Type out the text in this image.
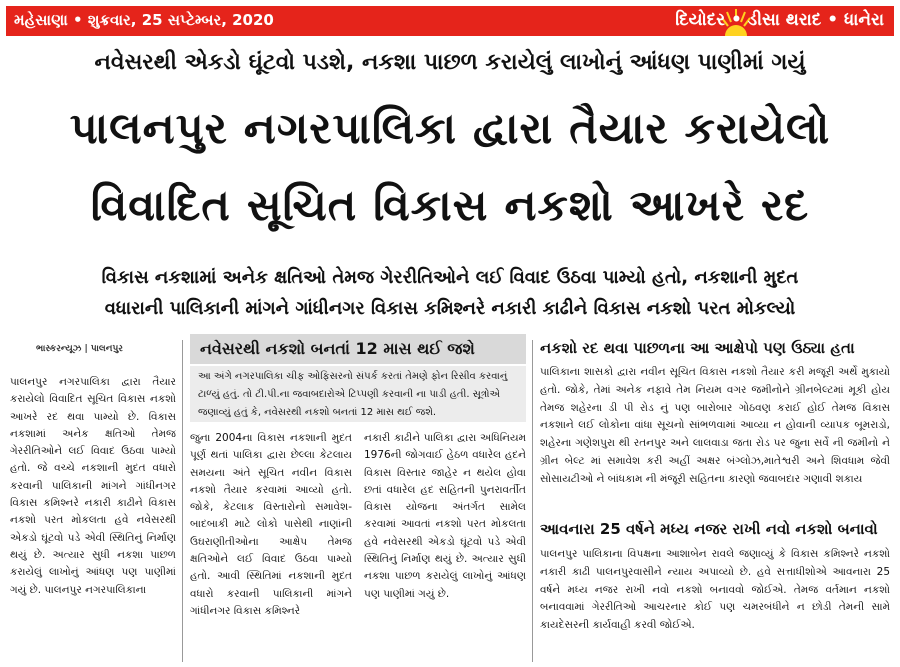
મહેસાણા • શુક્રવાર, 25 સપ્ટેમ્બર, 2020	દિયોદર • ડીસા થરાદ • ધાનેરા
નવેસરથી એકડો ઘૂંટવો પડશે, નકશા પાછળ કરાયેલું લાખોનું આંધણ પાણીમાં ગયું
પાલનપુર નગરપાલિકા દ્વારા તૈયાર કરાયેલો
વિવાદિત સૂચિત વિકાસ નકશો આખરે રદ
વિકાસ નકશામાં અનેક ક્ષતિઓ તેમજ ગેરરીતિઓને લઈ વિવાદ ઉઠવા પામ્યો હતો, નકશાની મુદત
વધારાની પાલિકાની માંગને ગાંધીનગર વિકાસ કમિશ્નરે નકારી કાઢીને વિકાસ નકશો પરત મોકલ્યો
ભાસ્કરન્યૂઝ | પાલનપુર
પાલનપુર નગરપાલિકા દ્વારા તૈયાર કરાયેલો વિવાદિત સૂચિત વિકાસ નકશો આખરે રદ થવા પામ્યો છે. વિકાસ નકશામાં અનેક ક્ષતિઓ તેમજ ગેરરીતિઓને લઈ વિવાદ ઉઠવા પામ્યો હતો. જે વચ્ચે નકશાની મુદત વધારો કરવાની પાલિકાની માંગને ગાંધીનગર વિકાસ કમિશ્નરે નકારી કાઢીને વિકાસ નકશો પરત મોકલતા હવે નવેસરથી એકડો ઘૂંટવો પડે એવી સ્થિતિનું નિર્માણ થયું છે. અત્યાર સુધી નકશા પાછળ કરાયેલું લાખોનું આંધણ પણ પાણીમાં ગયું છે. પાલનપુર નગરપાલિકાના
નવેસરથી નકશો બનતાં 12 માસ થઈ જશે
આ અંગે નગરપાલિકા ચીફ ઓફિસરનો સંપર્ક કરતાં તેમણે ફોન રિસીવ કરવાનું ટાળ્યું હતું. તો ટી.પી.ના જવાબદારોએ ટિપ્પણી કરવાની ના પાડી હતી. સૂત્રોએ જણાવ્યું હતું કે, નવેસરથી નકશો બનતાં 12 માસ થઈ જશે.
જુના 2004ના વિકાસ નકશાની મુદત પૂર્ણ થતાં પાલિકા દ્વારા છેલ્લા કેટલાય સમયના અંતે સૂચિત નવીન વિકાસ નકશો તૈયાર કરવામાં આવ્યો હતો. જોકે, કેટલાક વિસ્તારોનો સમાવેશ- બાદબાકી માટે લોકો પાસેથી નાણાંની ઉઘરાણીતીઓના આક્ષેપ તેમજ ક્ષતિઓને લઈ વિવાદ ઉઠવા પામ્યો હતો. આવી સ્થિતિમાં નકશાની મુદત વધારો કરવાની પાલિકાની માંગને ગાંધીનગર વિકાસ કમિશ્નરે
નકારી કાઢીને પાલિકા દ્વારા અધિનિયમ 1976ની જોગવાઈ હેઠળ વધારેલ હદને વિકાસ વિસ્તાર જાહેર ન થયેલ હોવા છતાં વધારેલ હદ સહિતની પુનરાવર્તીત વિકાસ યોજના અંતર્ગત સામેલ કરવામાં આવતાં નકશો પરત મોકલતા હવે નવેસરથી એકડો ઘૂંટવો પડે એવી સ્થિતિનું નિર્માણ થયું છે. અત્યાર સુધી નકશા પાછળ કરાયેલું લાખોનું આંધણ પણ પાણીમાં ગયું છે.
નકશો રદ થવા પાછળના આ આક્ષેપો પણ ઉઠ્યા હતા
પાલિકાના શાસકો દ્વારા નવીન સૂચિત વિકાસ નકશો તૈયાર કરી મજૂરી અર્થે મુકાયો હતો. જોકે, તેમાં અનેક નફાવે તેમ નિયમ વગર જમીનોને ગ્રીનબેલ્ટમાં મૂકી હોય તેમજ શહેરના ડી પી રોડ નું પણ બારોબાર ગોઠવણ કરાઈ હોઈ તેમજ વિકાસ નકશાને લઈ લોકોના વાંધા સૂચનો સાંભળવામાં આવ્યા ન હોવાની વ્યાપક બૂમરાડો, શહેરના ગણેશપુરા થી રતનપુર અને લાલવાડા જતા રોડ પર જુના સર્વે ની જમીનો ને ગ્રીન બેલ્ટ માં સમાવેશ કરી અહીં અક્ષર બંગ્લોઝ,માતેશ્વરી અને શિવધામ જેવી સોસાયટીઓ ને બાંધકામ ની મંજૂરી સહિતના કારણો જવાબદાર ગણાવી શકાય
આવનારા 25 વર્ષને મધ્ય નજર રાખી નવો નકશો બનાવો
પાલનપુર પાલિકાના વિપક્ષના આશાબેન રાવલે જણાવ્યું કે વિકાસ કમિશ્નરે નકશો નકારી કાઢી પાલનપુરવાસીને ન્યાય અપાવ્યો છે. હવે સત્તાધીશોએ આવનારા 25 વર્ષને મધ્ય નજર રાખી નવો નકશો બનાવવો જોઈએ. તેમજ વર્તમાન નકશો બનાવવામાં ગેરરીતિઓ આચરનાર કોઈ પણ ચમરબંધીને ન છોડી તેમની સામે કાયદેસરની કાર્યવાહી કરવી જોઈએ.
